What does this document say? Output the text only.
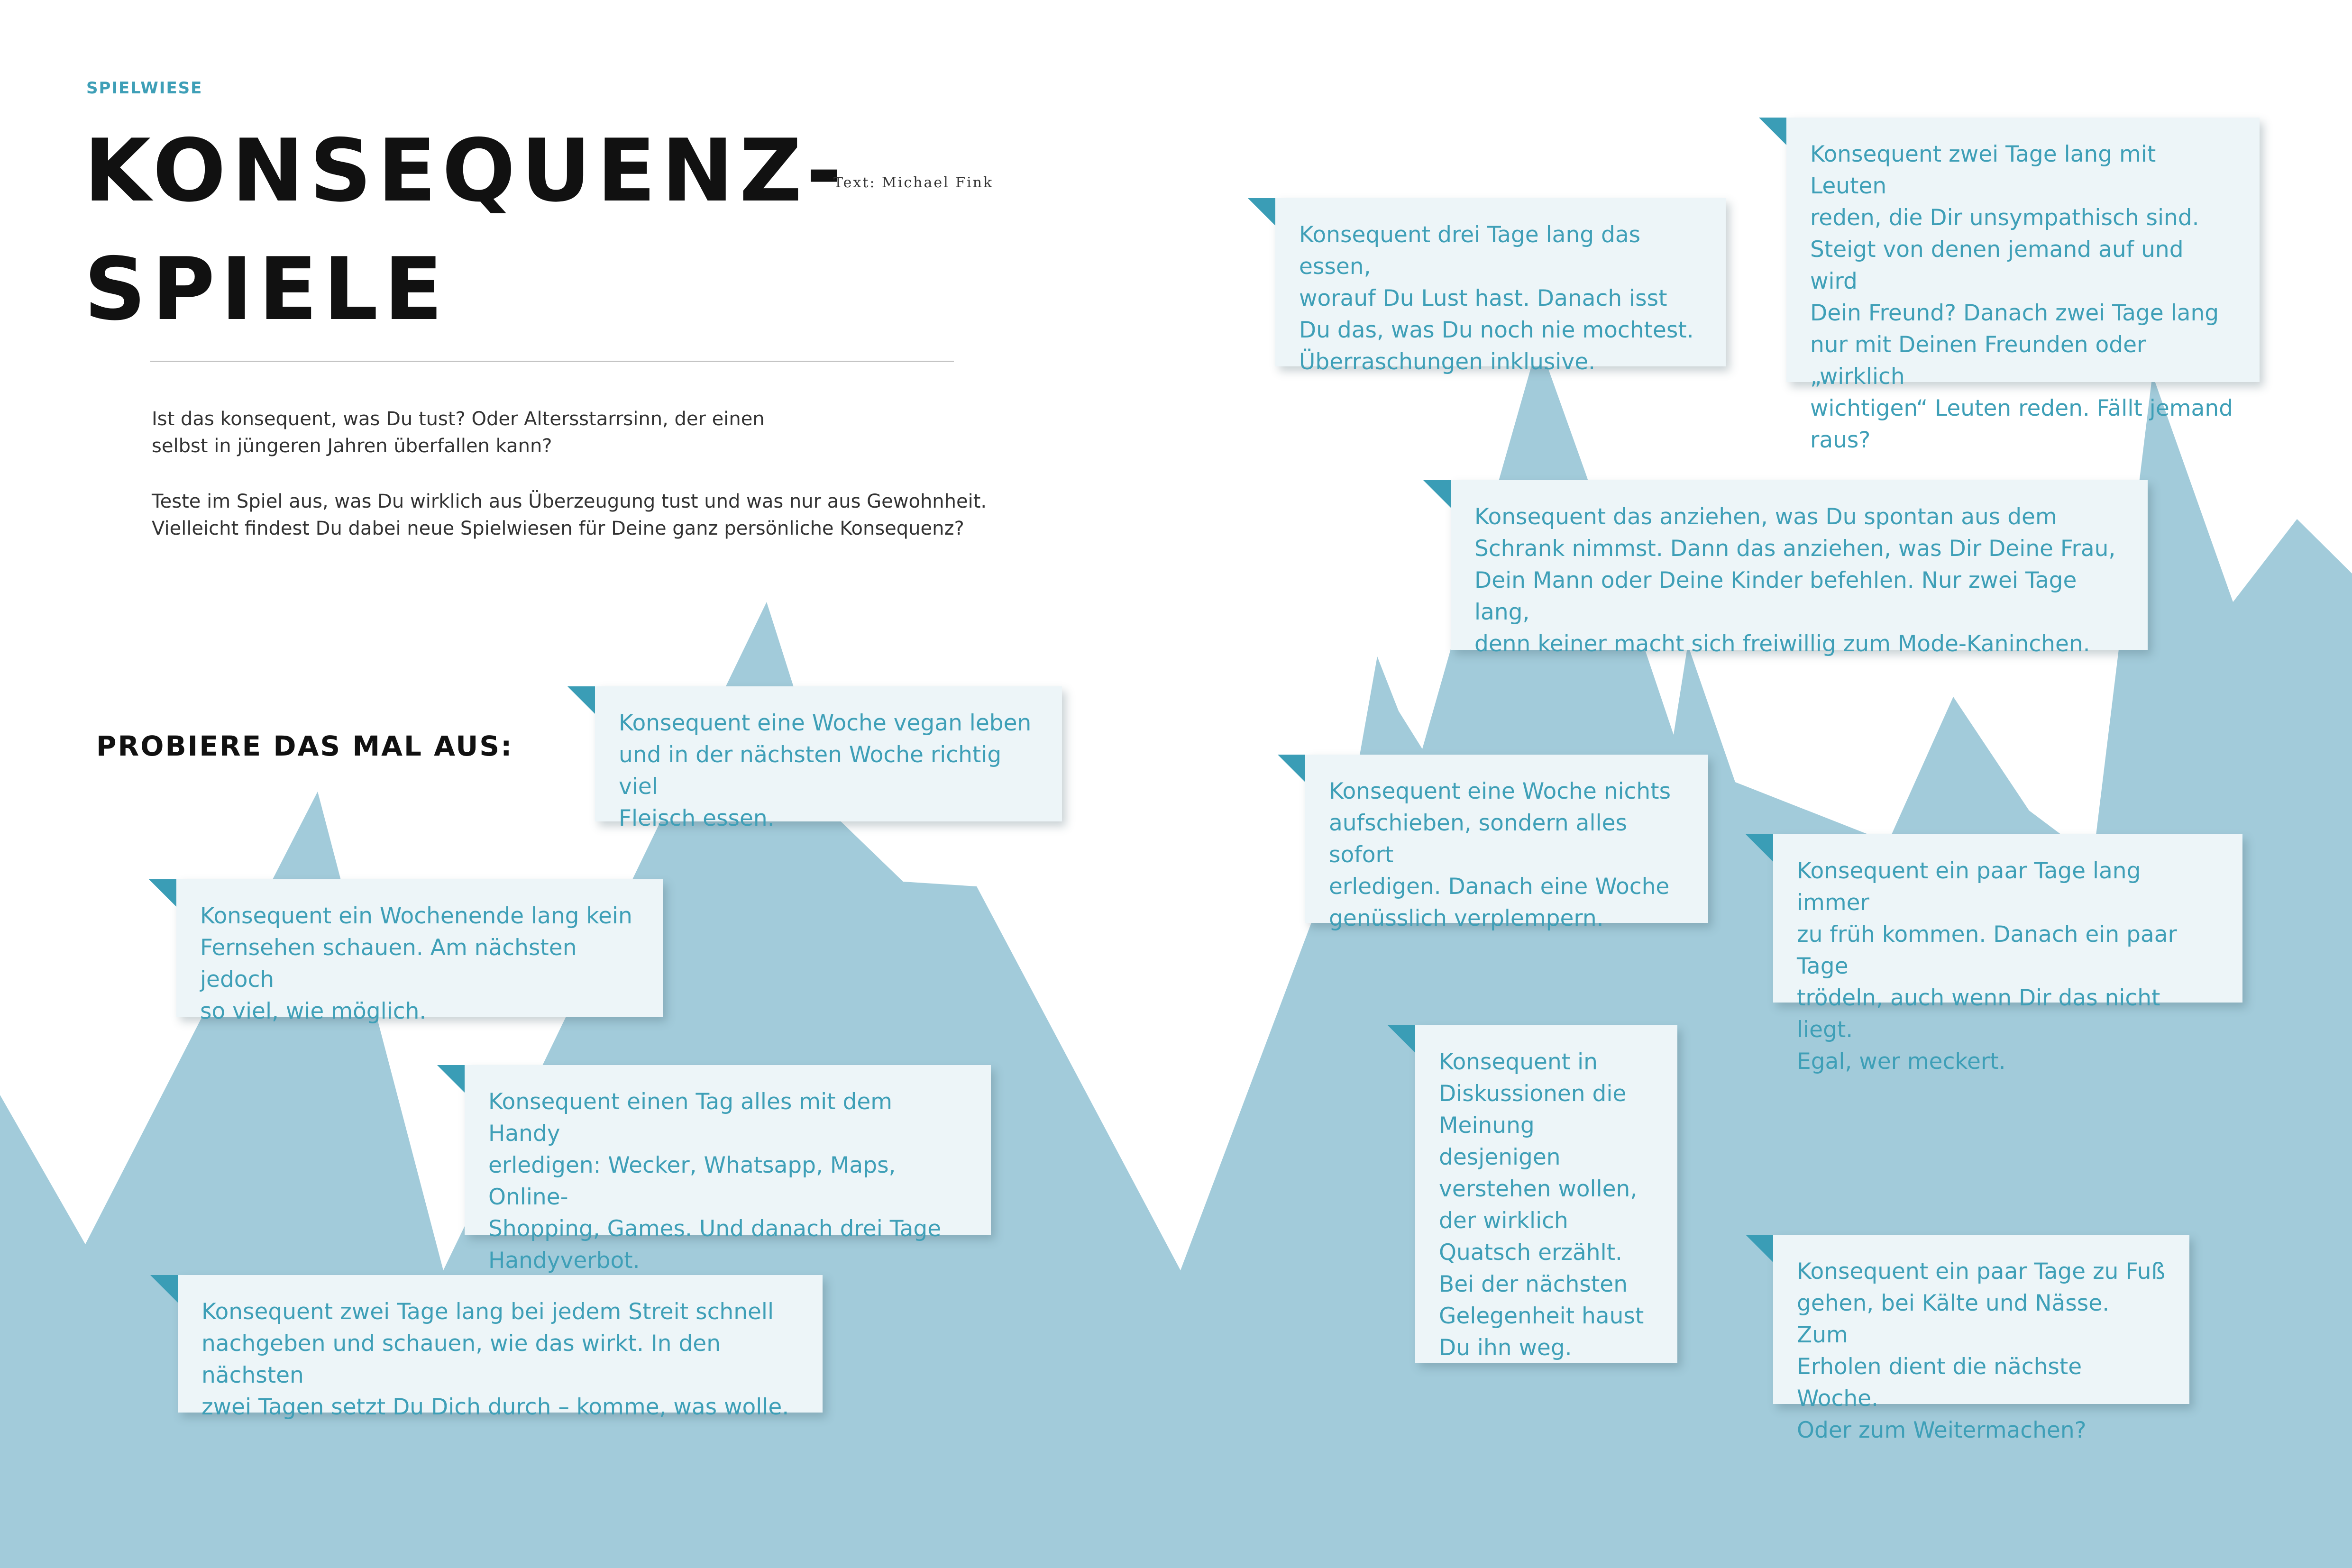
SPIELWIESE
KONSEQUENZ-
SPIELE
Text: Michael Fink

Ist das konsequent, was Du tust? Oder Altersstarrsinn, der einen
selbst in jüngeren Jahren überfallen kann?

Teste im Spiel aus, was Du wirklich aus Überzeugung tust und was nur aus Gewohnheit.
Vielleicht findest Du dabei neue Spielwiesen für Deine ganz persönliche Konsequenz?

PROBIERE DAS MAL AUS:
Konsequent eine Woche vegan leben
und in der nächsten Woche richtig viel
Fleisch essen.
Konsequent ein Wochenende lang kein
Fernsehen schauen. Am nächsten jedoch
so viel, wie möglich.
Konsequent einen Tag alles mit dem Handy
erledigen: Wecker, Whatsapp, Maps, Online-
Shopping, Games. Und danach drei Tage
Handyverbot.
Konsequent zwei Tage lang bei jedem Streit schnell
nachgeben und schauen, wie das wirkt. In den nächsten
zwei Tagen setzt Du Dich durch – komme, was wolle.
Konsequent drei Tage lang das essen,
worauf Du Lust hast. Danach isst
Du das, was Du noch nie mochtest.
Überraschungen inklusive.
Konsequent zwei Tage lang mit Leuten
reden, die Dir unsympathisch sind.
Steigt von denen jemand auf und wird
Dein Freund? Danach zwei Tage lang
nur mit Deinen Freunden oder „wirklich
wichtigen“ Leuten reden. Fällt jemand
raus?
Konsequent das anziehen, was Du spontan aus dem
Schrank nimmst. Dann das anziehen, was Dir Deine Frau,
Dein Mann oder Deine Kinder befehlen. Nur zwei Tage lang,
denn keiner macht sich freiwillig zum Mode-Kaninchen.
Konsequent eine Woche nichts
aufschieben, sondern alles sofort
erledigen. Danach eine Woche
genüsslich verplempern.
Konsequent ein paar Tage lang immer
zu früh kommen. Danach ein paar Tage
trödeln, auch wenn Dir das nicht liegt.
Egal, wer meckert.
Konsequent in
Diskussionen die
Meinung desjenigen
verstehen wollen,
der wirklich
Quatsch erzählt.
Bei der nächsten
Gelegenheit haust
Du ihn weg.
Konsequent ein paar Tage zu Fuß
gehen, bei Kälte und Nässe. Zum
Erholen dient die nächste Woche.
Oder zum Weitermachen?
